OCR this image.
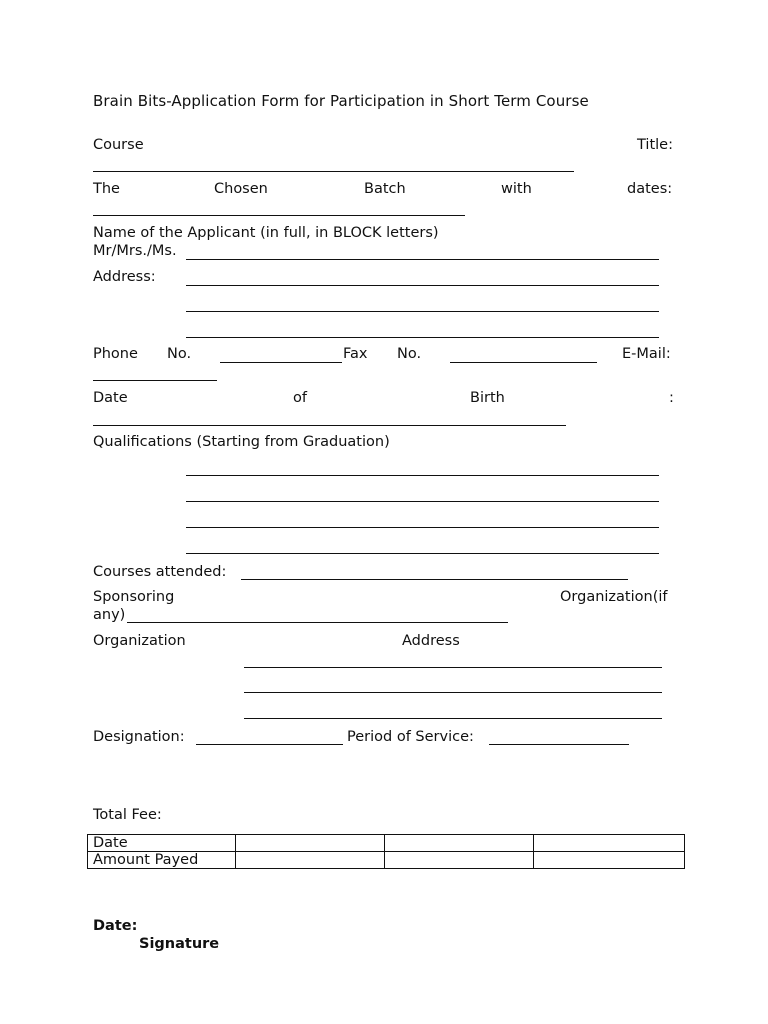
Brain Bits-Application Form for Participation in Short Term Course
Course	Title:
The	Chosen	Batch	with	dates:
Name of the Applicant (in full, in BLOCK letters)
Mr/Mrs./Ms.
Address:
Phone No.	Fax No.	E-Mail:
Date	of	Birth	:
Qualifications (Starting from Graduation)
Courses attended:
Sponsoring	Organization(if
any)
Organization	Address
Designation:	Period of Service:
Total Fee:
Date			
Amount Payed			
Date:
Signature
